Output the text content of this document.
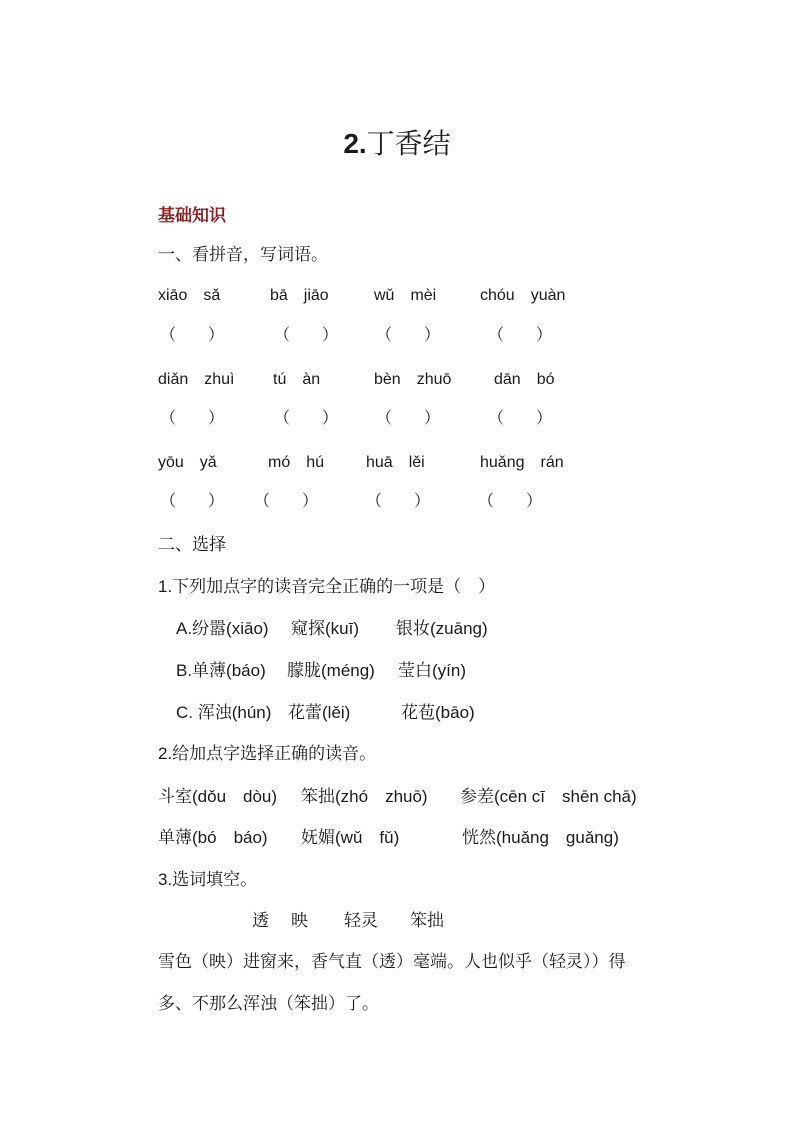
2.丁香结
基础知识
一、看拼音，写词语。
xiāo　sǎ	bā　jiāo	wǔ　mèi	chóu　yuàn
（　　）	（　　） （　　）	（　　）
diǎn　zhuì tú　àn	bèn　zhuō	dān　bó
（　　）	（　　） （　　）	（　　）
yōu　yǎ	mó　hú	huā　lěi	huǎng　rán
（　　） （　　）	（　　）	（　　）
二、选择
1.下列加点字的读音完全正确的一项是（　）
A.纷嚣(xiāo) 窥探(kuī) 银妆(zuāng)
B.单薄(báo) 朦胧(méng) 莹白(yín)
C. 浑浊(hún) 花蕾(lěi)	花苞(bāo)
2.给加点字选择正确的读音。
斗室(dǒu　dòu) 笨拙(zhó　zhuō) 参差(cēn cī　shēn chā)
单薄(bó　báo) 妩媚(wǔ　fǔ)	恍然(huǎng　guǎng)
3.选词填空。
透 映 轻灵 笨拙
雪色（映）进窗来，香气直（透）毫端。人也似乎（轻灵））得
多、不那么浑浊（笨拙）了。
